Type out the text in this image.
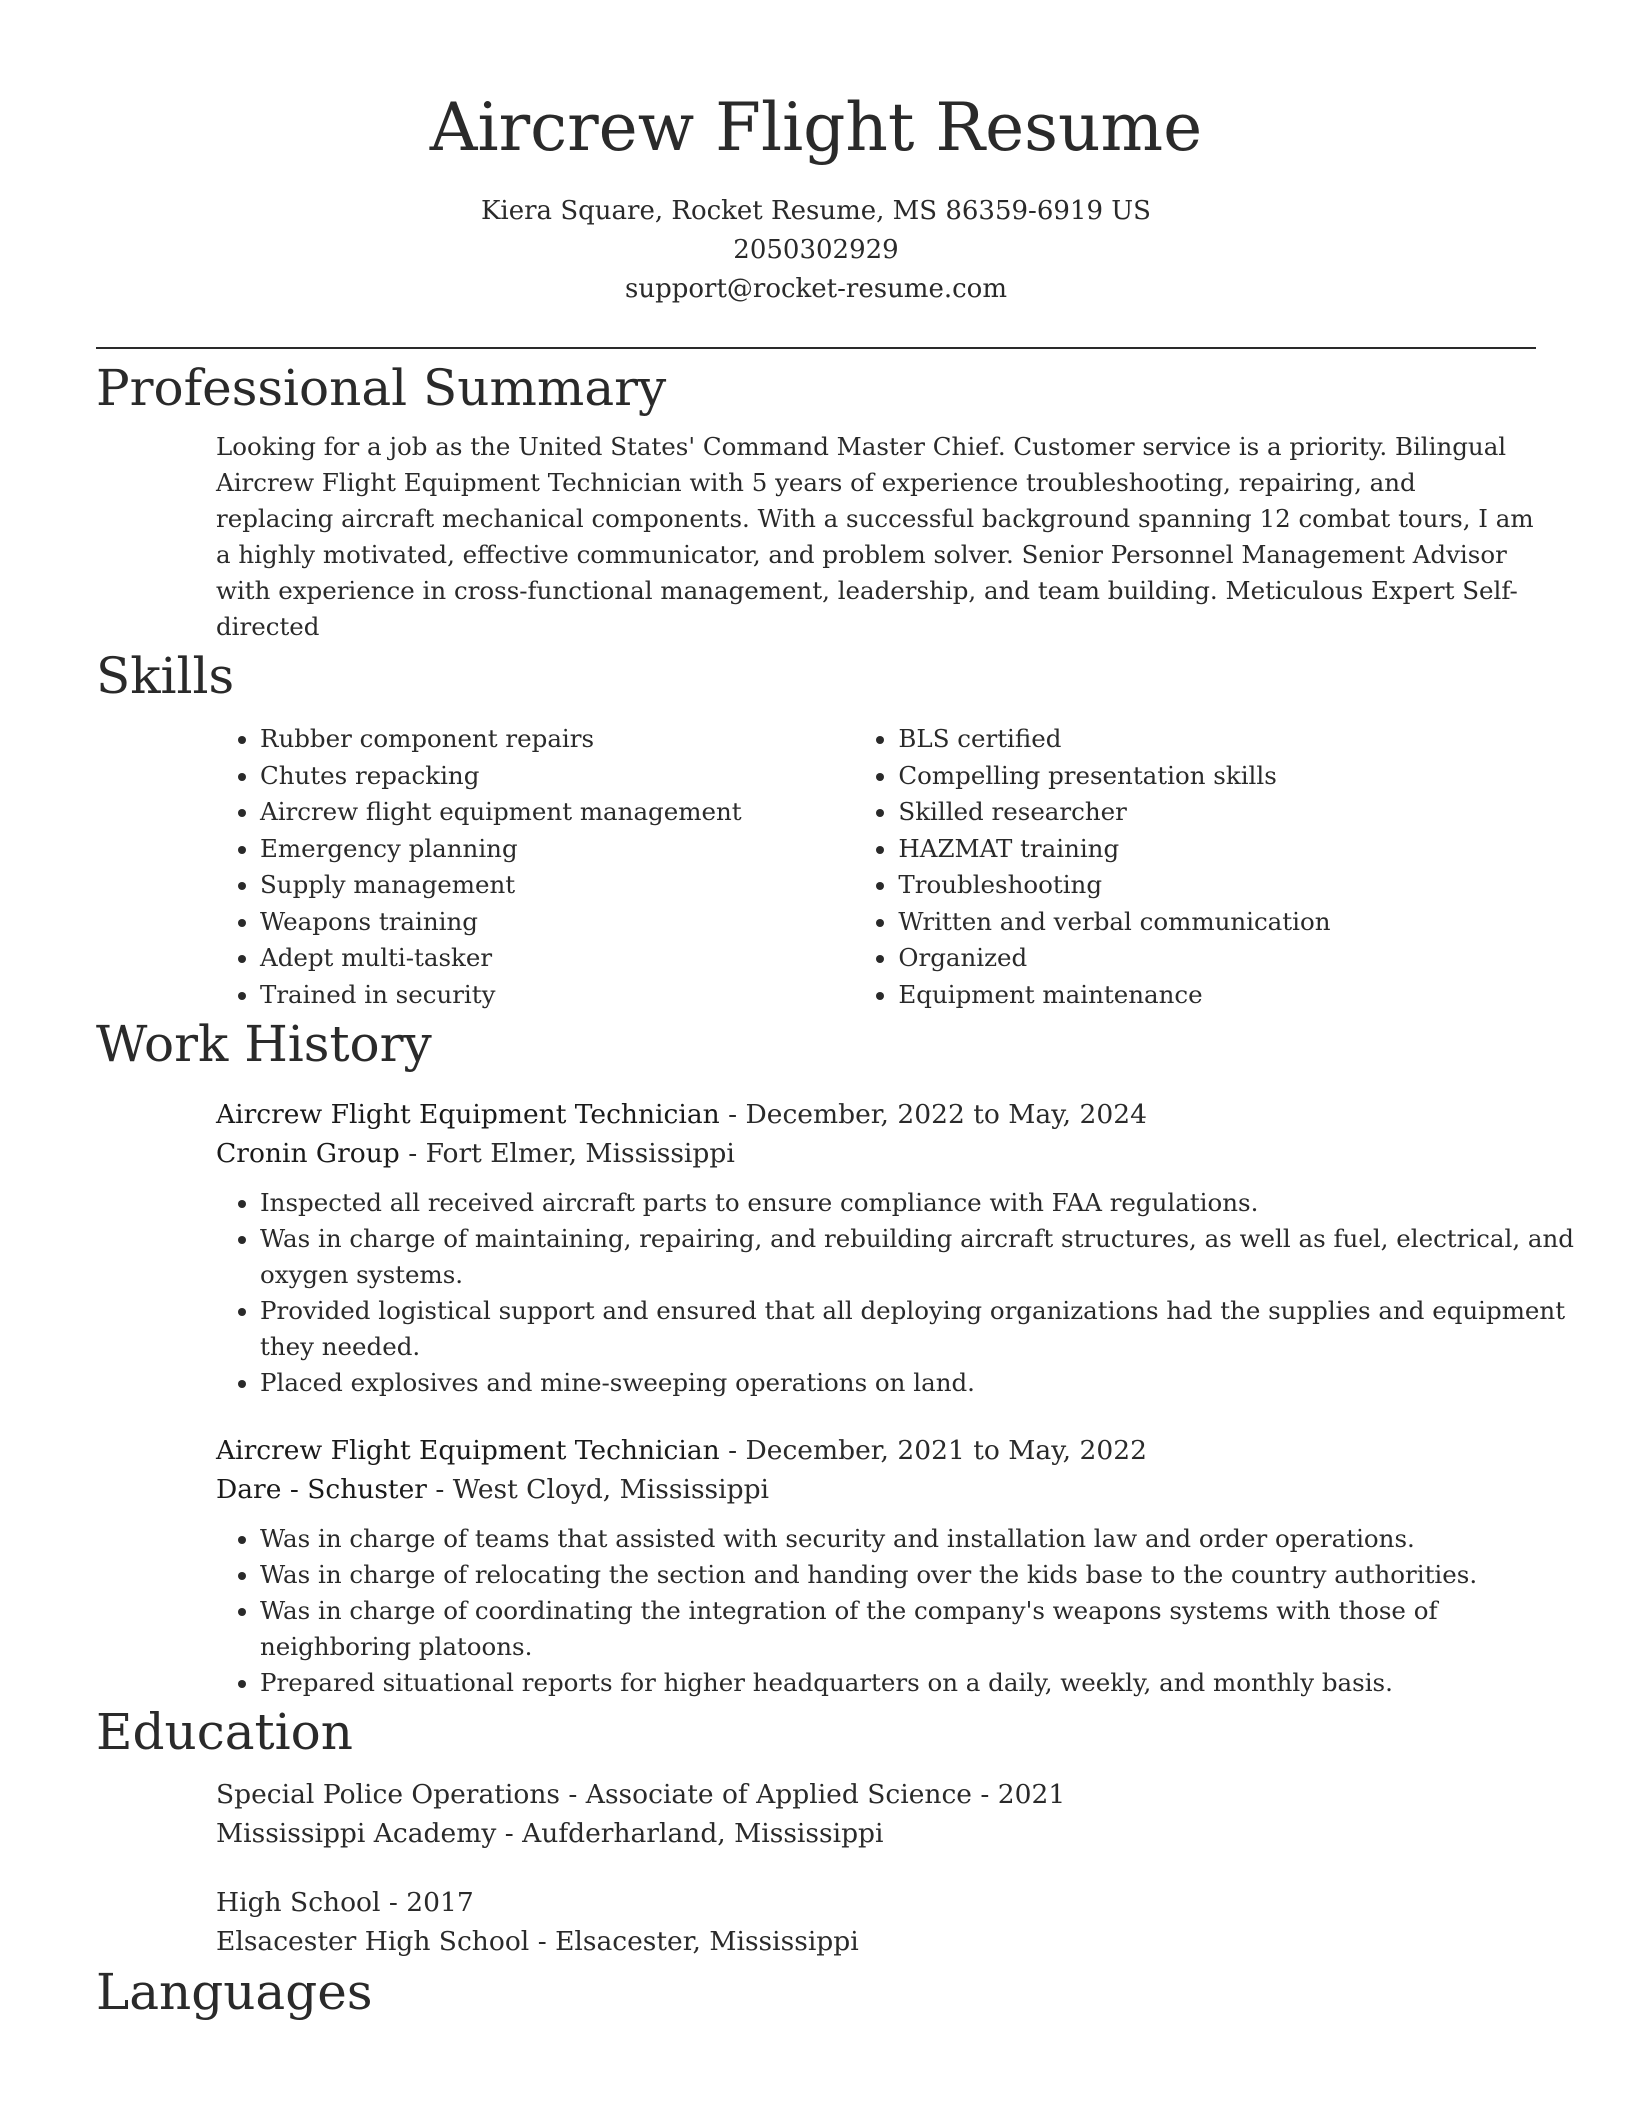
Aircrew Flight Resume
Kiera Square, Rocket Resume, MS 86359-6919 US
2050302929
support@rocket-resume.com
Professional Summary
Looking for a job as the United States' Command Master Chief. Customer service is a priority. Bilingual Aircrew Flight Equipment Technician with 5 years of experience troubleshooting, repairing, and replacing aircraft mechanical components. With a successful background spanning 12 combat tours, I am a highly motivated, effective communicator, and problem solver. Senior Personnel Management Advisor with experience in cross-functional management, leadership, and team building. Meticulous Expert Self-directed
Skills
• Rubber component repairs
• Chutes repacking
• Aircrew flight equipment management
• Emergency planning
• Supply management
• Weapons training
• Adept multi-tasker
• Trained in security
• BLS certified
• Compelling presentation skills
• Skilled researcher
• HAZMAT training
• Troubleshooting
• Written and verbal communication
• Organized
• Equipment maintenance
Work History
Aircrew Flight Equipment Technician - December, 2022 to May, 2024
Cronin Group - Fort Elmer, Mississippi
• Inspected all received aircraft parts to ensure compliance with FAA regulations.
• Was in charge of maintaining, repairing, and rebuilding aircraft structures, as well as fuel, electrical, and oxygen systems.
• Provided logistical support and ensured that all deploying organizations had the supplies and equipment they needed.
• Placed explosives and mine-sweeping operations on land.
Aircrew Flight Equipment Technician - December, 2021 to May, 2022
Dare - Schuster - West Cloyd, Mississippi
• Was in charge of teams that assisted with security and installation law and order operations.
• Was in charge of relocating the section and handing over the kids base to the country authorities.
• Was in charge of coordinating the integration of the company's weapons systems with those of neighboring platoons.
• Prepared situational reports for higher headquarters on a daily, weekly, and monthly basis.
Education
Special Police Operations - Associate of Applied Science - 2021
Mississippi Academy - Aufderharland, Mississippi
High School - 2017
Elsacester High School - Elsacester, Mississippi
Languages
